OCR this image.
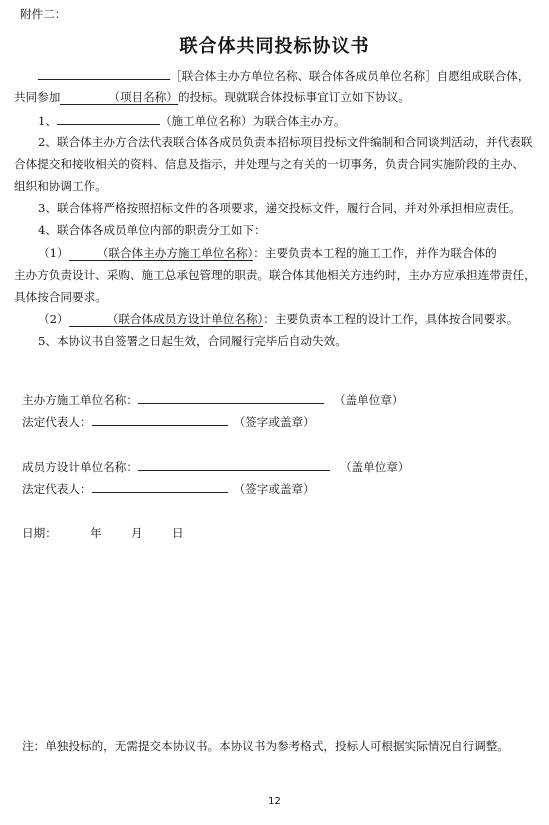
附件二：
联合体共同投标协议书
［联合体主办方单位名称、联合体各成员单位名称］自愿组成联合体，
共同参加	（项目名称）的投标。现就联合体投标事宜订立如下协议。
1、	（施工单位名称）为联合体主办方。
2、联合体主办方合法代表联合体各成员负责本招标项目投标文件编制和合同谈判活动，并代表联
合体提交和接收相关的资料、信息及指示，并处理与之有关的一切事务，负责合同实施阶段的主办、
组织和协调工作。
3、联合体将严格按照招标文件的各项要求，递交投标文件，履行合同，并对外承担相应责任。
4、联合体各成员单位内部的职责分工如下：
（1）	（联合体主办方施工单位名称）：主要负责本工程的施工工作，并作为联合体的
主办方负责设计、采购、施工总承包管理的职责。联合体其他相关方违约时，主办方应承担连带责任，
具体按合同要求。
（2）	（联合体成员方设计单位名称）：主要负责本工程的设计工作，具体按合同要求。
5、本协议书自签署之日起生效，合同履行完毕后自动失效。
主办方施工单位名称：	（盖单位章）
法定代表人：	（签字或盖章）
成员方设计单位名称：	（盖单位章）
法定代表人：	（签字或盖章）
日期：	年	月	日
注：单独投标的，无需提交本协议书。本协议书为参考格式，投标人可根据实际情况自行调整。
12
